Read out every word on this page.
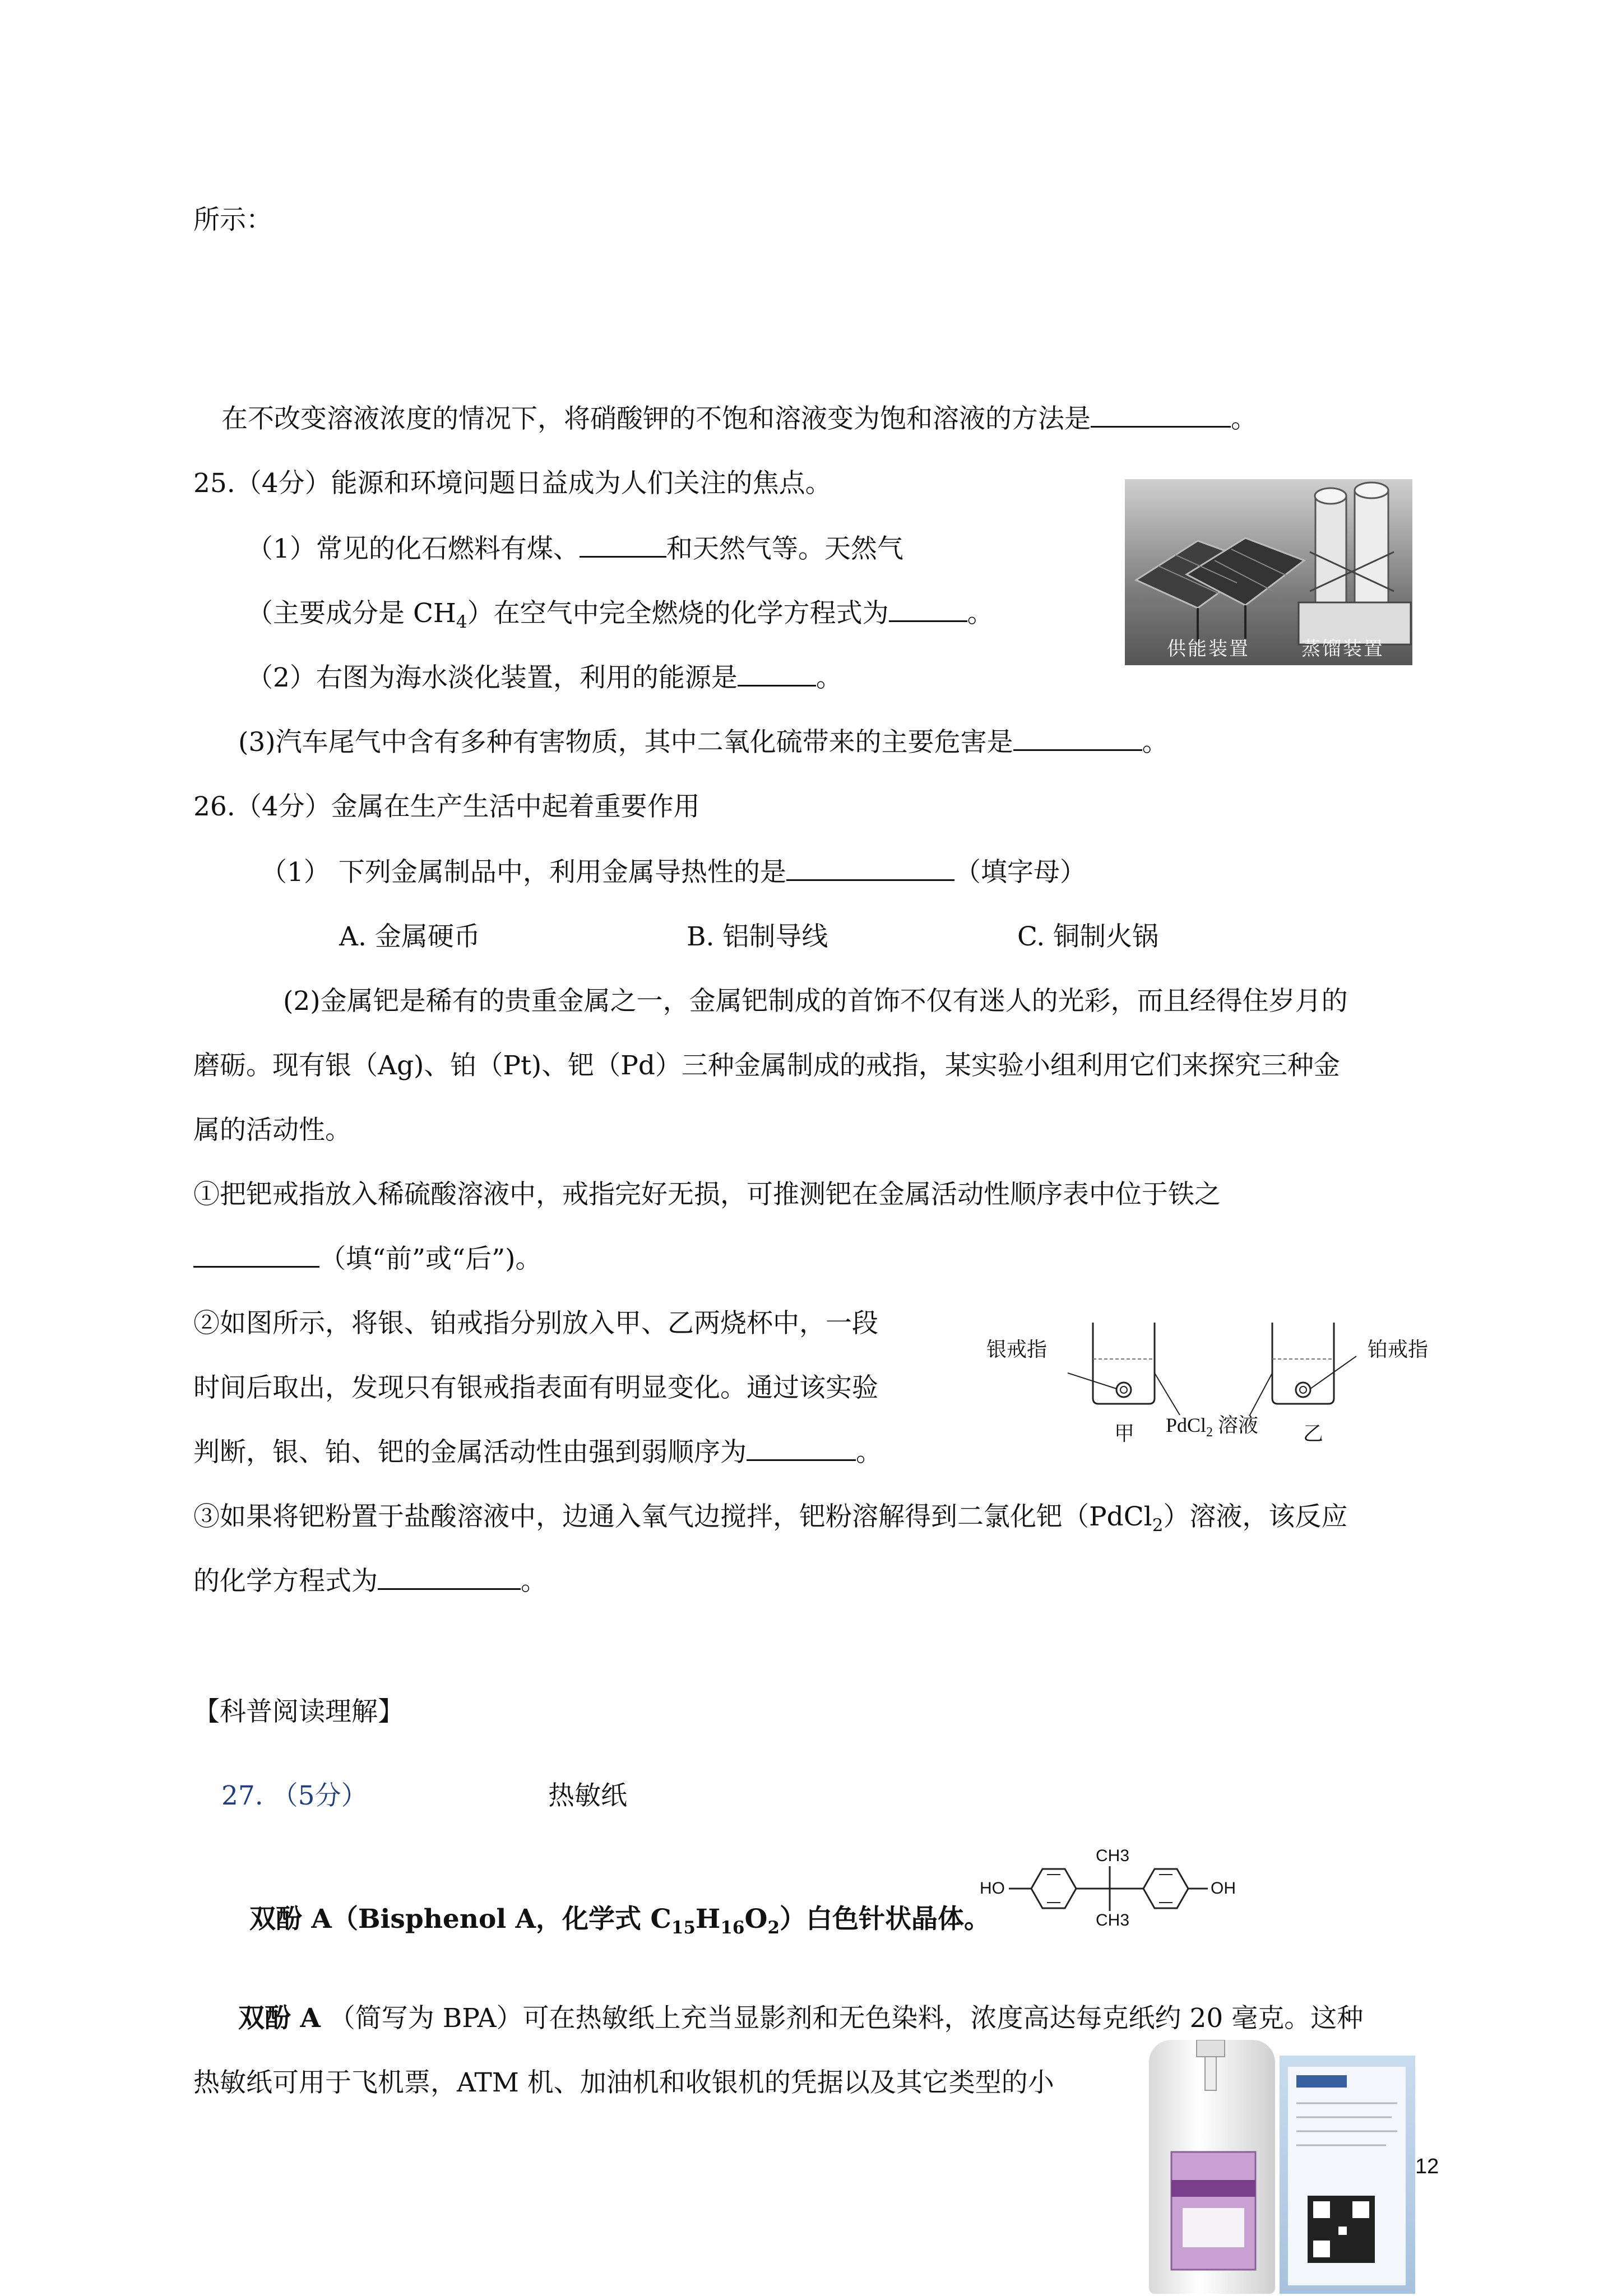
所示：
在不改变溶液浓度的情况下，将硝酸钾的不饱和溶液变为饱和溶液的方法是	。
25.（4分）能源和环境问题日益成为人们关注的焦点。
（1）常见的化石燃料有煤、	和天然气等。天然气
（主要成分是 $CH_4$）在空气中完全燃烧的化学方程式为	。
（2）右图为海水淡化装置，利用的能源是	。
(3)汽车尾气中含有多种有害物质，其中二氧化硫带来的主要危害是	。
供能装置	蒸馏装置
26.（4分）金属在生产生活中起着重要作用
（1） 下列金属制品中，利用金属导热性的是	（填字母）
A. 金属硬币	B. 铝制导线	C. 铜制火锅
(2)金属钯是稀有的贵重金属之一，金属钯制成的首饰不仅有迷人的光彩，而且经得住岁月的
磨砺。现有银（Ag)、铂（Pt)、钯（Pd）三种金属制成的戒指，某实验小组利用它们来探究三种金
属的活动性。
①把钯戒指放入稀硫酸溶液中，戒指完好无损，可推测钯在金属活动性顺序表中位于铁之
（填“前”或“后”)。
②如图所示，将银、铂戒指分别放入甲、乙两烧杯中，一段
时间后取出，发现只有银戒指表面有明显变化。通过该实验
判断，银、铂、钯的金属活动性由强到弱顺序为	。
银戒指	铂戒指
PdCl$_2$ 溶液
甲	乙
③如果将钯粉置于盐酸溶液中，边通入氧气边搅拌，钯粉溶解得到二氯化钯（PdCl$_2$）溶液，该反应
的化学方程式为	。
【科普阅读理解】
27. （5分）	热敏纸
双酚 A（Bisphenol A，化学式 $C_{15}H_{16}O_2$）白色针状晶体。
HO
CH3
CH3
OH
双酚 A （简写为 BPA）可在热敏纸上充当显影剂和无色染料，浓度高达每克纸约 20 毫克。这种
热敏纸可用于飞机票，ATM 机、加油机和收银机的凭据以及其它类型的小
12
